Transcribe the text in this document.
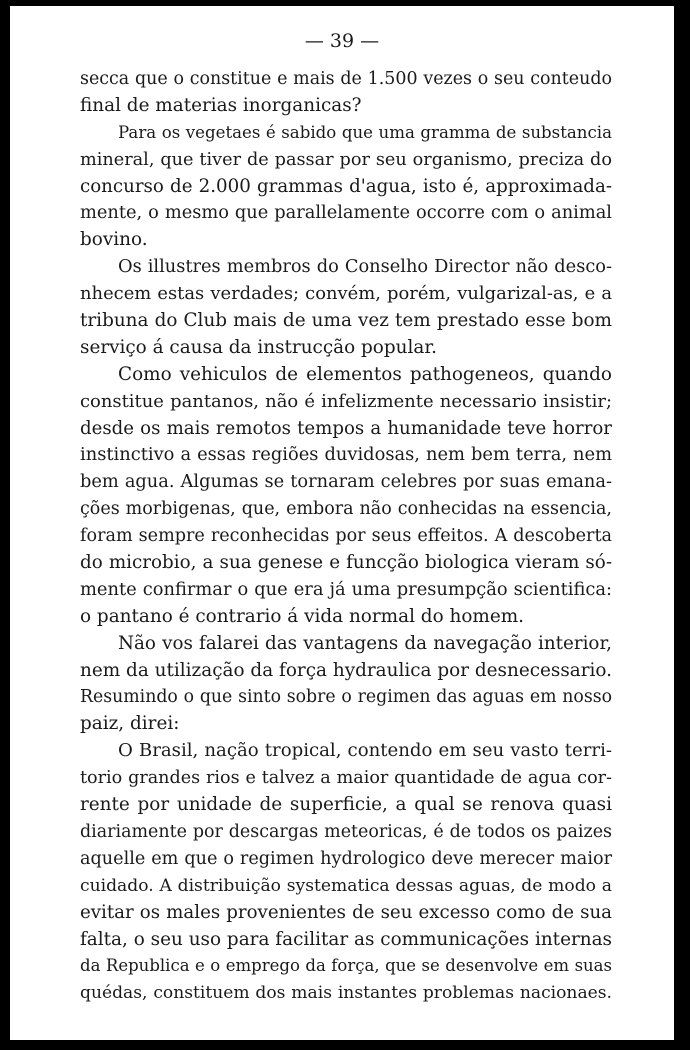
— 39 —
secca que o constitue e mais de 1.500 vezes o seu conteudo
final de materias inorganicas?
Para os vegetaes é sabido que uma gramma de substancia
mineral, que tiver de passar por seu organismo, preciza do
concurso de 2.000 grammas d'agua, isto é, approximada-
mente, o mesmo que parallelamente occorre com o animal
bovino.
Os illustres membros do Conselho Director não desco-
nhecem estas verdades; convém, porém, vulgarizal-as, e a
tribuna do Club mais de uma vez tem prestado esse bom
serviço á causa da instrucção popular.
Como vehiculos de elementos pathogeneos, quando
constitue pantanos, não é infelizmente necessario insistir;
desde os mais remotos tempos a humanidade teve horror
instinctivo a essas regiões duvidosas, nem bem terra, nem
bem agua. Algumas se tornaram celebres por suas emana-
ções morbigenas, que, embora não conhecidas na essencia,
foram sempre reconhecidas por seus effeitos. A descoberta
do microbio, a sua genese e funcção biologica vieram só-
mente confirmar o que era já uma presumpção scientifica:
o pantano é contrario á vida normal do homem.
Não vos falarei das vantagens da navegação interior,
nem da utilização da força hydraulica por desnecessario.
Resumindo o que sinto sobre o regimen das aguas em nosso
paiz, direi:
O Brasil, nação tropical, contendo em seu vasto terri-
torio grandes rios e talvez a maior quantidade de agua cor-
rente por unidade de superficie, a qual se renova quasi
diariamente por descargas meteoricas, é de todos os paizes
aquelle em que o regimen hydrologico deve merecer maior
cuidado. A distribuição systematica dessas aguas, de modo a
evitar os males provenientes de seu excesso como de sua
falta, o seu uso para facilitar as communicações internas
da Republica e o emprego da força, que se desenvolve em suas
quédas, constituem dos mais instantes problemas nacionaes.
